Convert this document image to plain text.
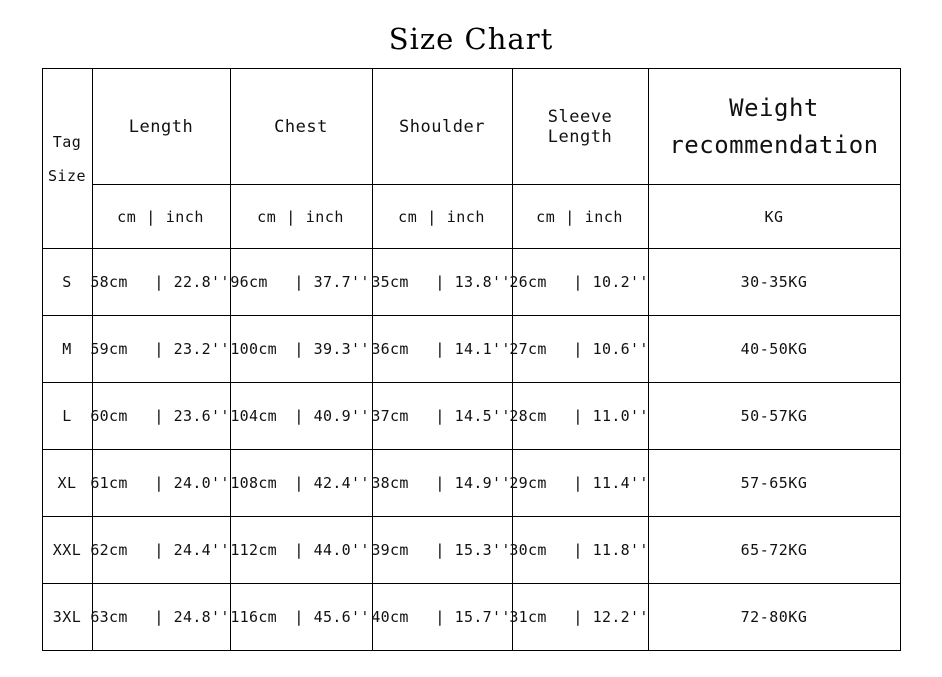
Size Chart
Tag
Size	Length	Chest	Shoulder	Sleeve Length	Weight
recommendation

	cm | inch	cm | inch	cm | inch	cm | inch	KG
S	58cm | 22.8''	96cm | 37.7''	35cm | 13.8''	26cm | 10.2''	30-35KG
M	59cm | 23.2''	100cm | 39.3''	36cm | 14.1''	27cm | 10.6''	40-50KG
L	60cm | 23.6''	104cm | 40.9''	37cm | 14.5''	28cm | 11.0''	50-57KG
XL	61cm | 24.0''	108cm | 42.4''	38cm | 14.9''	29cm | 11.4''	57-65KG
XXL	62cm | 24.4''	112cm | 44.0''	39cm | 15.3''	30cm | 11.8''	65-72KG
3XL	63cm | 24.8''	116cm | 45.6''	40cm | 15.7''	31cm | 12.2''	72-80KG
